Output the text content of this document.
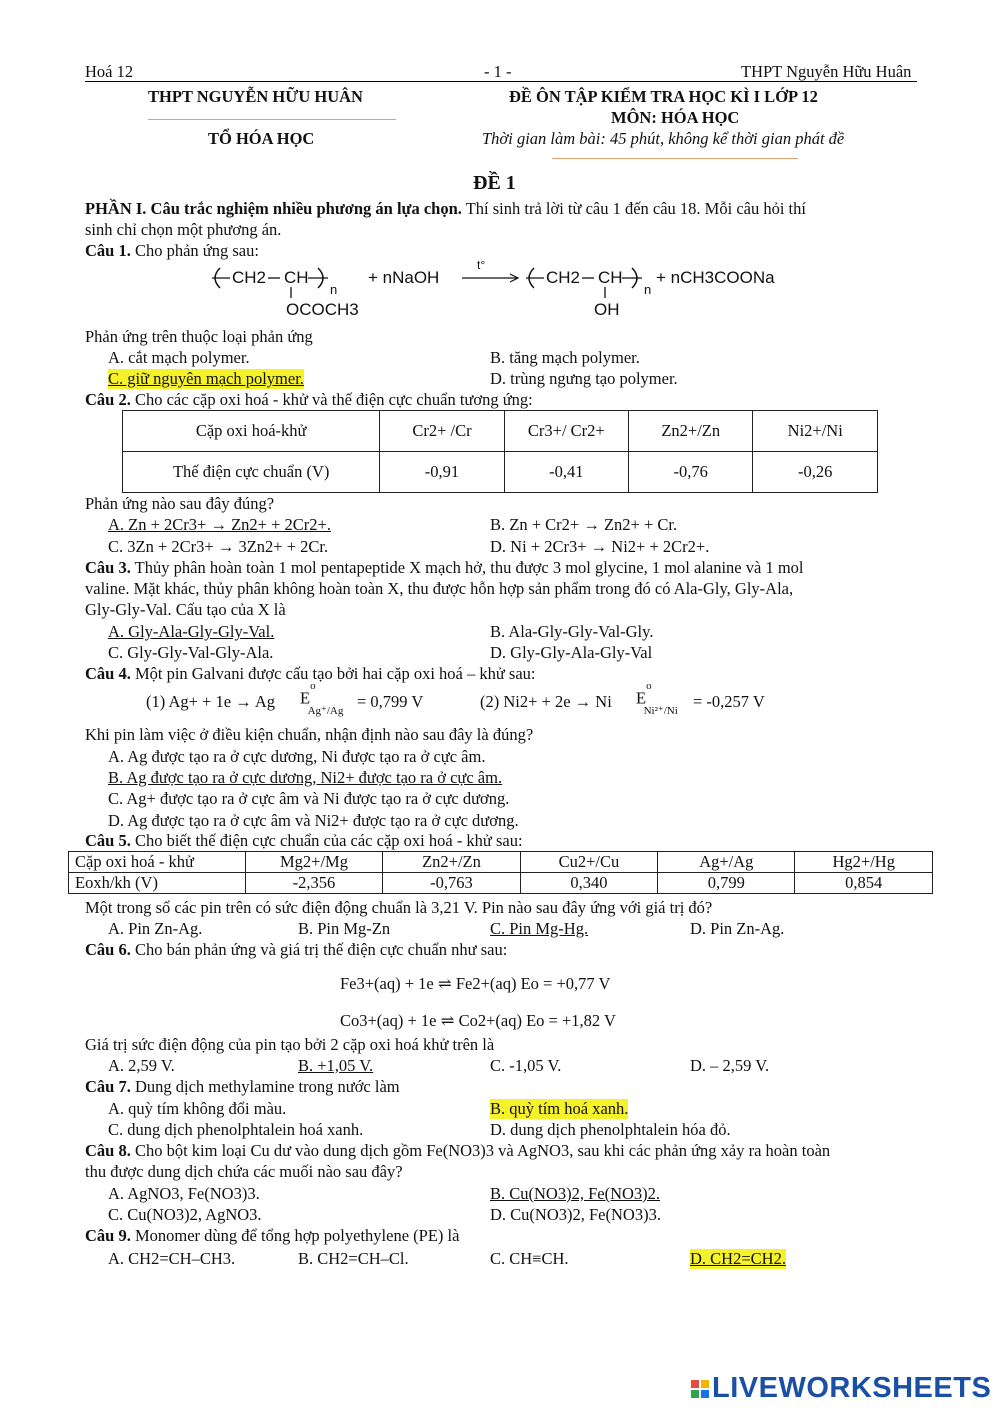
Hoá 12	- 1 -	THPT Nguyễn Hữu Huân
THPT NGUYỄN HỮU HUÂN
TỔ HÓA HỌC
ĐỀ ÔN TẬP KIỂM TRA HỌC KÌ I LỚP 12
MÔN: HÓA HỌC
Thời gian làm bài: 45 phút, không kể thời gian phát đề
ĐỀ 1
PHẦN I. Câu trắc nghiệm nhiều phương án lựa chọn. Thí sinh trả lời từ câu 1 đến câu 18. Mỗi câu hỏi thí
sinh chỉ chọn một phương án.
Câu 1. Cho phản ứng sau:
CH2 CH
n
OCOCH3
+ nNaOH
t°
CH2 CH
n
OH
+ nCH3COONa
Phản ứng trên thuộc loại phản ứng
A. cắt mạch polymer.	B. tăng mạch polymer.
C. giữ nguyên mạch polymer.	D. trùng ngưng tạo polymer.
Câu 2. Cho các cặp oxi hoá - khử và thế điện cực chuẩn tương ứng:
Cặp oxi hoá-khử	Cr2+ /Cr	Cr3+/ Cr2+	Zn2+/Zn	Ni2+/Ni
Thế điện cực chuẩn (V)	-0,91	-0,41	-0,76	-0,26
Phản ứng nào sau đây đúng?
A. Zn + 2Cr3+ → Zn2+ + 2Cr2+.	B. Zn + Cr2+ → Zn2+ + Cr.
C. 3Zn + 2Cr3+ → 3Zn2+ + 2Cr.	D. Ni + 2Cr3+ → Ni2+ + 2Cr2+.
Câu 3. Thủy phân hoàn toàn 1 mol pentapeptide X mạch hở, thu được 3 mol glycine, 1 mol alanine và 1 mol
valine. Mặt khác, thủy phân không hoàn toàn X, thu được hỗn hợp sản phẩm trong đó có Ala-Gly, Gly-Ala,
Gly-Gly-Val. Cấu tạo của X là
A. Gly-Ala-Gly-Gly-Val.	B. Ala-Gly-Gly-Val-Gly.
C. Gly-Gly-Val-Gly-Ala.	D. Gly-Gly-Ala-Gly-Val
Câu 4. Một pin Galvani được cấu tạo bởi hai cặp oxi hoá – khử sau:
(1) Ag+ + 1e → Ag $E^o_{Ag^+/Ag} = 0,799$ V	(2) Ni2+ + 2e → Ni $E^o_{Ni^{2+}/Ni} = -0,257$ V
Khi pin làm việc ở điều kiện chuẩn, nhận định nào sau đây là đúng?
A. Ag được tạo ra ở cực dương, Ni được tạo ra ở cực âm.
B. Ag được tạo ra ở cực dương, Ni2+ được tạo ra ở cực âm.
C. Ag+ được tạo ra ở cực âm và Ni được tạo ra ở cực dương.
D. Ag được tạo ra ở cực âm và Ni2+ được tạo ra ở cực dương.
Câu 5. Cho biết thế điện cực chuẩn của các cặp oxi hoá - khử sau:
Cặp oxi hoá - khử	Mg2+/Mg	Zn2+/Zn	Cu2+/Cu	Ag+/Ag	Hg2+/Hg
Eoxh/kh (V)	-2,356	-0,763	0,340	0,799	0,854
Một trong số các pin trên có sức điện động chuẩn là 3,21 V. Pin nào sau đây ứng với giá trị đó?
A. Pin Zn-Ag.	B. Pin Mg-Zn	C. Pin Mg-Hg.	D. Pin Zn-Ag.
Câu 6. Cho bán phản ứng và giá trị thế điện cực chuẩn như sau:
Fe3+(aq) + 1e ⇌ Fe2+(aq) Eo = +0,77 V
Co3+(aq) + 1e ⇌ Co2+(aq) Eo = +1,82 V
Giá trị sức điện động của pin tạo bởi 2 cặp oxi hoá khử trên là
A. 2,59 V.	B. +1,05 V.	C. -1,05 V.	D. – 2,59 V.
Câu 7. Dung dịch methylamine trong nước làm
A. quỳ tím không đổi màu.	B. quỳ tím hoá xanh.
C. dung dịch phenolphtalein hoá xanh.	D. dung dịch phenolphtalein hóa đỏ.
Câu 8. Cho bột kim loại Cu dư vào dung dịch gồm Fe(NO3)3 và AgNO3, sau khi các phản ứng xảy ra hoàn toàn
thu được dung dịch chứa các muối nào sau đây?
A. AgNO3, Fe(NO3)3.	B. Cu(NO3)2, Fe(NO3)2.
C. Cu(NO3)2, AgNO3.	D. Cu(NO3)2, Fe(NO3)3.
Câu 9. Monomer dùng để tổng hợp polyethylene (PE) là
A. CH2=CH–CH3.	B. CH2=CH–Cl.	C. CH≡CH.	D. CH2=CH2.

LIVEWORKSHEETS
